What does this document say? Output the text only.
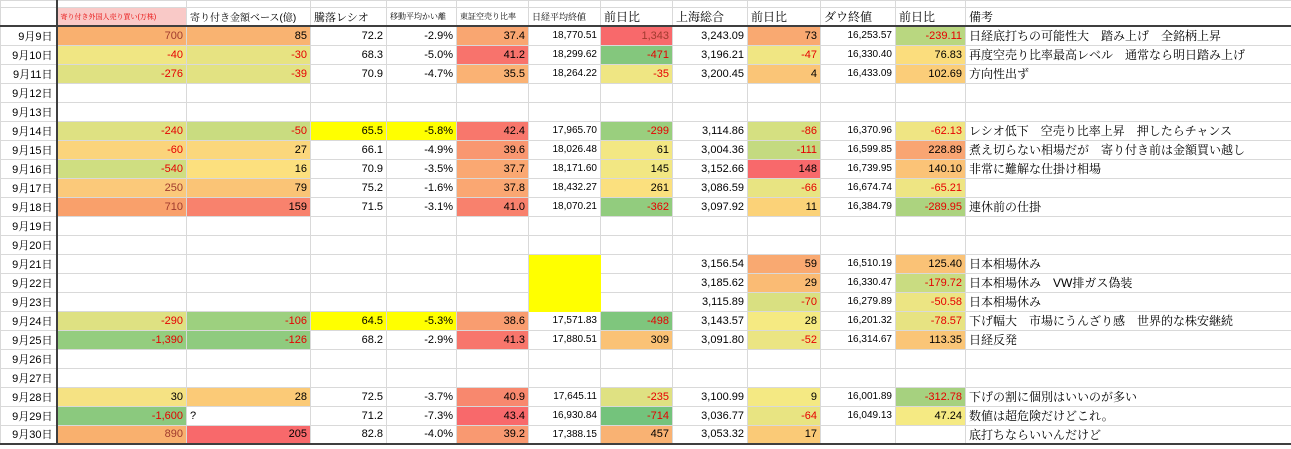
	寄り付き外国人売り買い(万株)	寄り付き金額ベース(億)	騰落レシオ	移動平均かい離	東証空売り比率	日経平均終値	前日比	上海総合	前日比	ダウ終値	前日比	備考
9月9日	700	85	72.2	-2.9%	37.4	18,770.51	1,343	3,243.09	73	16,253.57	-239.11	日経底打ちの可能性大　踏み上げ　全銘柄上昇
9月10日	-40	-30	68.3	-5.0%	41.2	18,299.62	-471	3,196.21	-47	16,330.40	76.83	再度空売り比率最高レベル　通常なら明日踏み上げ
9月11日	-276	-39	70.9	-4.7%	35.5	18,264.22	-35	3,200.45	4	16,433.09	102.69	方向性出ず
9月12日												
9月13日												
9月14日	-240	-50	65.5	-5.8%	42.4	17,965.70	-299	3,114.86	-86	16,370.96	-62.13	レシオ低下　空売り比率上昇　押したらチャンス
9月15日	-60	27	66.1	-4.9%	39.6	18,026.48	61	3,004.36	-111	16,599.85	228.89	煮え切らない相場だが　寄り付き前は金額買い越し
9月16日	-540	16	70.9	-3.5%	37.7	18,171.60	145	3,152.66	148	16,739.95	140.10	非常に難解な仕掛け相場
9月17日	250	79	75.2	-1.6%	37.8	18,432.27	261	3,086.59	-66	16,674.74	-65.21	
9月18日	710	159	71.5	-3.1%	41.0	18,070.21	-362	3,097.92	11	16,384.79	-289.95	連休前の仕掛
9月19日												
9月20日												
9月21日								3,156.54	59	16,510.19	125.40	日本相場休み
9月22日								3,185.62	29	16,330.47	-179.72	日本相場休み　VW排ガス偽装
9月23日								3,115.89	-70	16,279.89	-50.58	日本相場休み
9月24日	-290	-106	64.5	-5.3%	38.6	17,571.83	-498	3,143.57	28	16,201.32	-78.57	下げ幅大　市場にうんざり感　世界的な株安継続
9月25日	-1,390	-126	68.2	-2.9%	41.3	17,880.51	309	3,091.80	-52	16,314.67	113.35	日経反発
9月26日												
9月27日												
9月28日	30	28	72.5	-3.7%	40.9	17,645.11	-235	3,100.99	9	16,001.89	-312.78	下げの割に個別はいいのが多い
9月29日	-1,600	?	71.2	-7.3%	43.4	16,930.84	-714	3,036.77	-64	16,049.13	47.24	数値は超危険だけどこれ。
9月30日	890	205	82.8	-4.0%	39.2	17,388.15	457	3,053.32	17			底打ちならいいんだけど
